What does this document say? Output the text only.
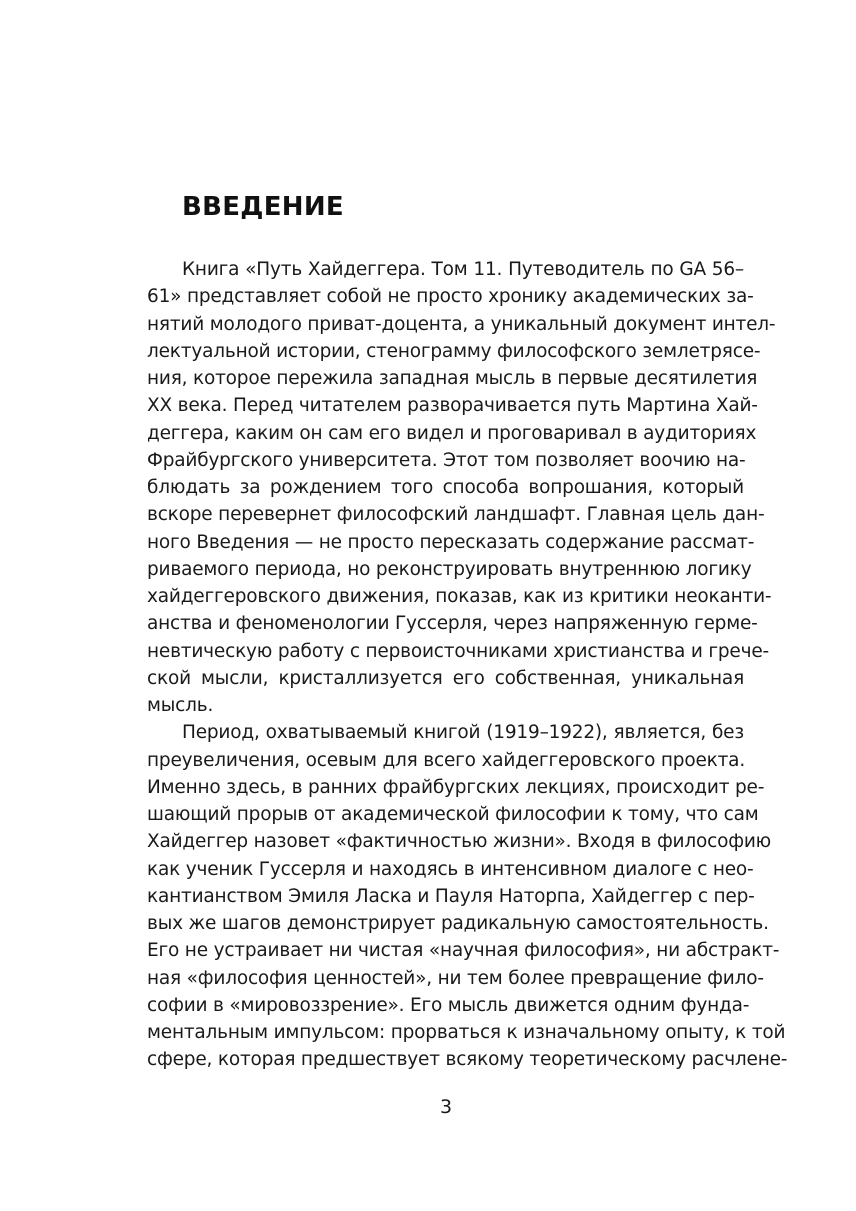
ВВЕДЕНИЕ
Книга «Путь Хайдеггера. Том 11. Путеводитель по GA 56–
61» представляет собой не просто хронику академических за-
нятий молодого приват-доцента, а уникальный документ интел-
лектуальной истории, стенограмму философского землетрясе-
ния, которое пережила западная мысль в первые десятилетия
XX века. Перед читателем разворачивается путь Мартина Хай-
деггера, каким он сам его видел и проговаривал в аудиториях
Фрайбургского университета. Этот том позволяет воочию на-
блюдать за рождением того способа вопрошания, который
вскоре перевернет философский ландшафт. Главная цель дан-
ного Введения — не просто пересказать содержание рассмат-
риваемого периода, но реконструировать внутреннюю логику
хайдеггеровского движения, показав, как из критики неоканти-
анства и феноменологии Гуссерля, через напряженную герме-
невтическую работу с первоисточниками христианства и грече-
ской мысли, кристаллизуется его собственная, уникальная
мысль.
Период, охватываемый книгой (1919–1922), является, без
преувеличения, осевым для всего хайдеггеровского проекта.
Именно здесь, в ранних фрайбургских лекциях, происходит ре-
шающий прорыв от академической философии к тому, что сам
Хайдеггер назовет «фактичностью жизни». Входя в философию
как ученик Гуссерля и находясь в интенсивном диалоге с нео-
кантианством Эмиля Ласка и Пауля Наторпа, Хайдеггер с пер-
вых же шагов демонстрирует радикальную самостоятельность.
Его не устраивает ни чистая «научная философия», ни абстракт-
ная «философия ценностей», ни тем более превращение фило-
софии в «мировоззрение». Его мысль движется одним фунда-
ментальным импульсом: прорваться к изначальному опыту, к той
сфере, которая предшествует всякому теоретическому расчлене-
3
